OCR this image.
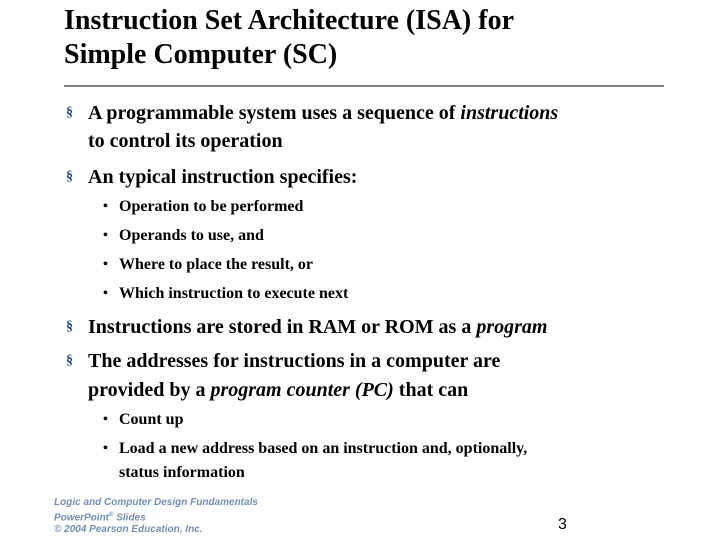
Instruction Set Architecture (ISA) for
Simple Computer (SC)
§ A programmable system uses a sequence of instructions
to control its operation
§ An typical instruction specifies:
• Operation to be performed
• Operands to use, and
• Where to place the result, or
• Which instruction to execute next
§ Instructions are stored in RAM or ROM as a program
§ The addresses for instructions in a computer are
provided by a program counter (PC) that can
• Count up
• Load a new address based on an instruction and, optionally,
status information
Logic and Computer Design Fundamentals
PowerPoint® Slides
© 2004 Pearson Education, Inc.	3
